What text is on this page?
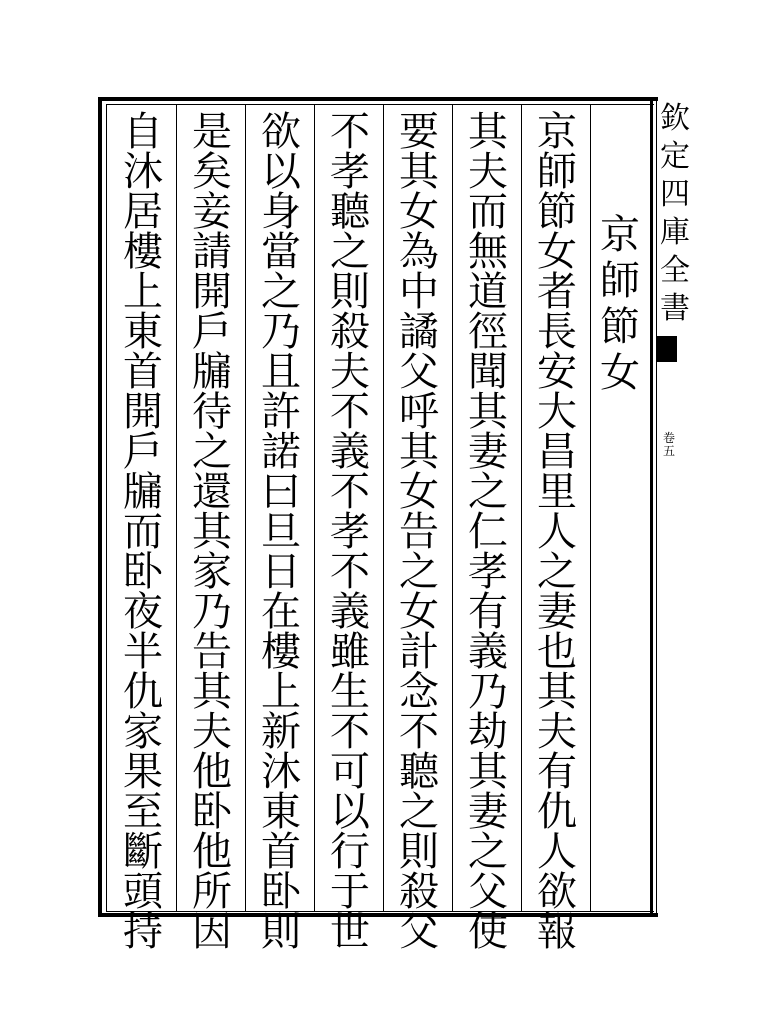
京
師
節
女
京
師
節
女
者
長
安
大
昌
里
人
之
妻
也
其
夫
有
仇
人
欲
報
其
夫
而
無
道
徑
聞
其
妻
之
仁
孝
有
義
乃
劫
其
妻
之
父
使
要
其
女
為
中
譎
父
呼
其
女
告
之
女
計
念
不
聽
之
則
殺
父
不
孝
聽
之
則
殺
夫
不
義
不
孝
不
義
雖
生
不
可
以
行
于
世
欲
以
身
當
之
乃
且
許
諾
曰
旦
日
在
樓
上
新
沐
東
首
卧
則
是
矣
妾
請
開
戶
牖
待
之
還
其
家
乃
告
其
夫
他
卧
他
所
因
自
沐
居
樓
上
東
首
開
戶
牖
而
卧
夜
半
仇
家
果
至
斷
頭
持
欽
定
四
庫
全
書
卷
五
